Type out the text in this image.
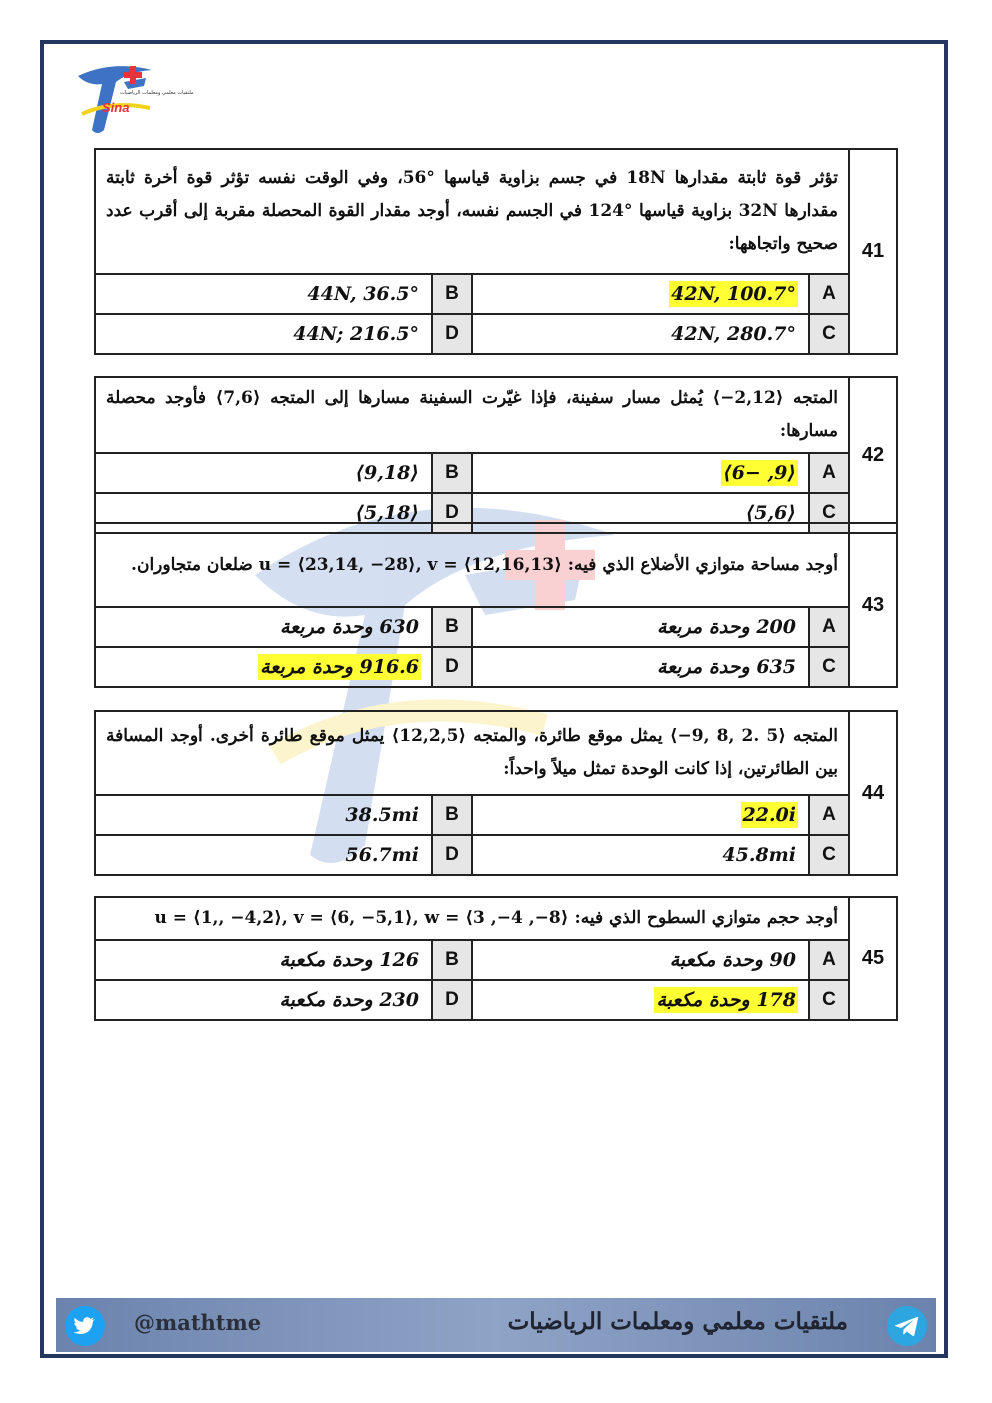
Sina
ملتقيات معلمي ومعلمات الرياضيات
41	تؤثر قوة ثابتة مقدارها 18N في جسم بزاوية قياسها °56، وفي الوقت نفسه تؤثر قوة أخرة ثابتة مقدارها 32N بزاوية قياسها °124 في الجسم نفسه، أوجد مقدار القوة المحصلة مقربة إلى أقرب عدد صحيح واتجاهها:			
	A	42N, 100.7°	B	44N, 36.5°
	C	42N, 280.7°	D	44N; 216.5°
42	المتجه ⟨2,12−⟩ يُمثل مسار سفينة، فإذا غيّرت السفينة مسارها إلى المتجه ⟨7,6⟩ فأوجد محصلة مسارها:			
	A	⟨9, −6⟩	B	⟨9,18⟩
	C	⟨5,6⟩	D	⟨5,18⟩
43	أوجد مساحة متوازي الأضلاع الذي فيه: ⟨12,16,13⟩ = u = ⟨23,14, −28⟩, v ضلعان متجاوران.			
	A	200 وحدة مربعة	B	630 وحدة مربعة
	C	635 وحدة مربعة	D	916.6 وحدة مربعة
44	المتجه ⟨5 .2 ,8 ,9−⟩ يمثل موقع طائرة، والمتجه ⟨12,2,5⟩ يمثل موقع طائرة أخرى. أوجد المسافة بين الطائرتين، إذا كانت الوحدة تمثل ميلاً واحداً:			
	A	22.0i	B	38.5mi
	C	45.8mi	D	56.7mi
45	أوجد حجم متوازي السطوح الذي فيه: ⟨8−, 4−, 3⟩ = u = ⟨1,, −4,2⟩, v = ⟨6, −5,1⟩, w			
	A	90 وحدة مكعبة	B	126 وحدة مكعبة
	C	178 وحدة مكعبة	D	230 وحدة مكعبة
@mathtme	ملتقيات معلمي ومعلمات الرياضيات
